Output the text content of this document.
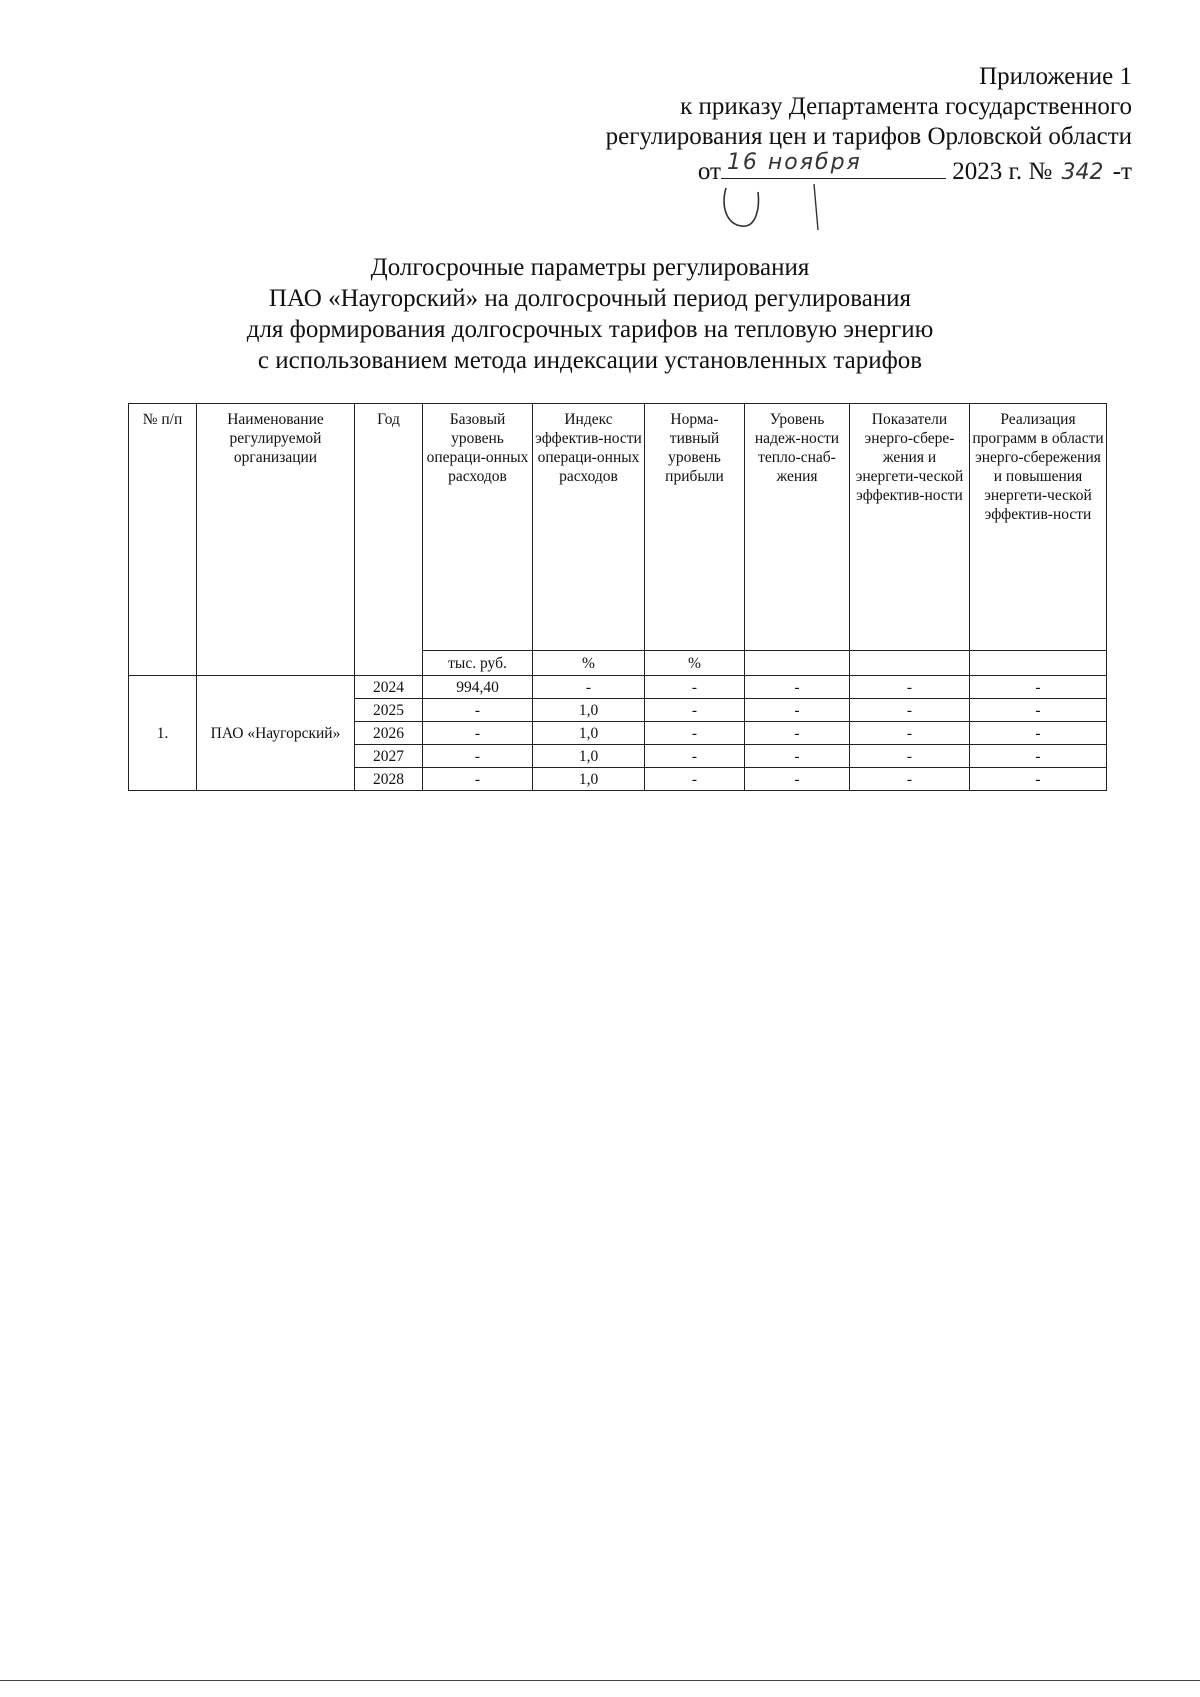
Приложение 1
к приказу Департамента государственного
регулирования цен и тарифов Орловской области
от 16 ноября	2023 г. № 342 -т
Долгосрочные параметры регулирования
ПАО «Наугорский» на долгосрочный период регулирования
для формирования долгосрочных тарифов на тепловую энергию
с использованием метода индексации установленных тарифов
№ п/п	Наименование регулируемой организации	Год	Базовый уровень операци-онных расходов	Индекс эффектив-ности операци-онных расходов	Норма-тивный уровень прибыли	Уровень надеж-ности тепло-снаб-жения	Показатели энерго-сбере-жения и энергети-ческой эффектив-ности	Реализация программ в области энерго-сбережения и повышения энергети-ческой эффектив-ности
			тыс. руб.	%	%			
1.	ПАО «Наугорский»	2024	994,40	-	-	-	-	-
		2025	-	1,0	-	-	-	-
		2026	-	1,0	-	-	-	-
		2027	-	1,0	-	-	-	-
		2028	-	1,0	-	-	-	-
